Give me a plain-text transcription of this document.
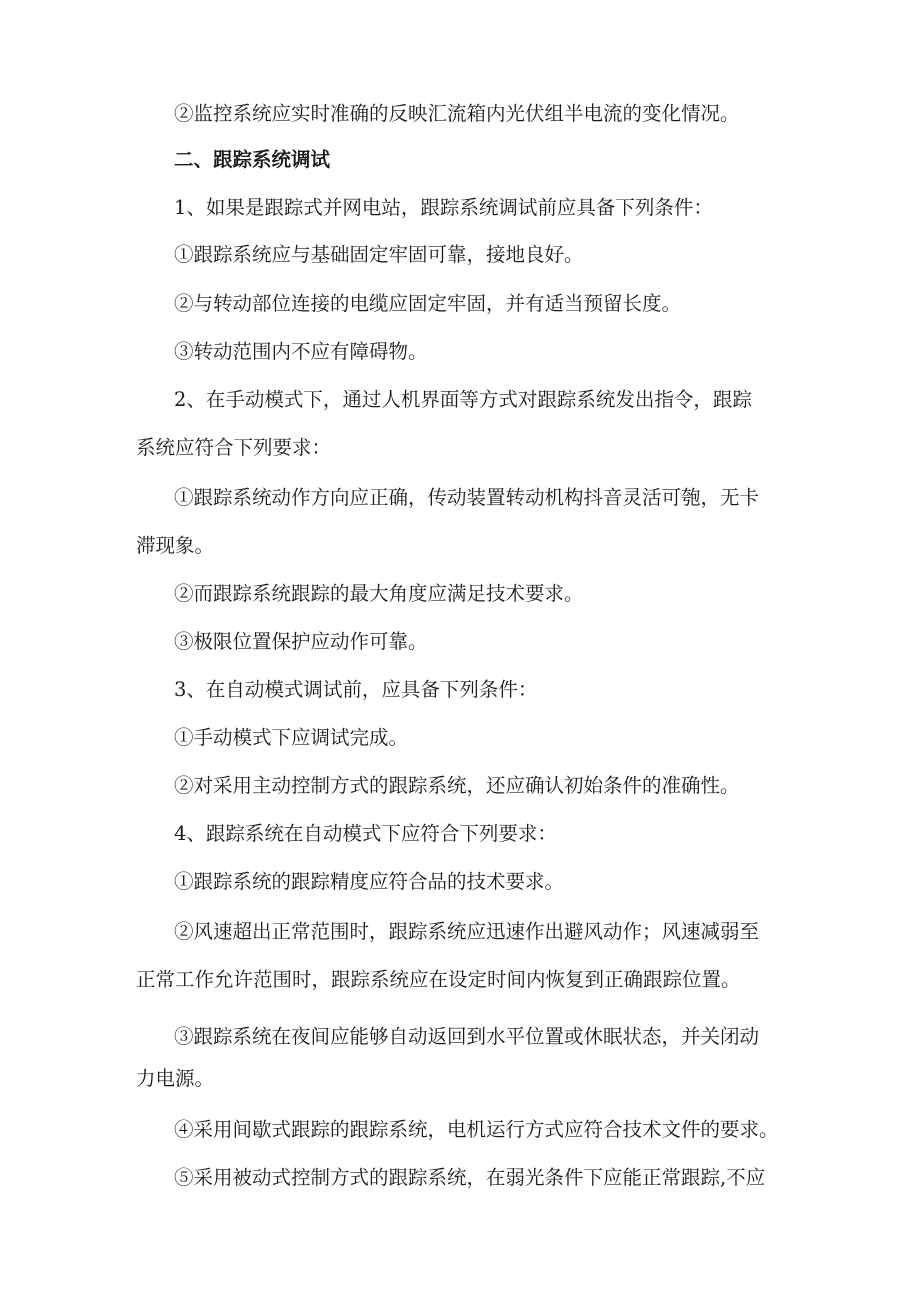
②监控系统应实时准确的反映汇流箱内光伏组半电流的变化情况。

二、跟踪系统调试

1、如果是跟踪式并网电站，跟踪系统调试前应具备下列条件：

①跟踪系统应与基础固定牢固可靠，接地良好。

②与转动部位连接的电缆应固定牢固，并有适当预留长度。

③转动范围内不应有障碍物。

2、在手动模式下，通过人机界面等方式对跟踪系统发出指令，跟踪
系统应符合下列要求：

①跟踪系统动作方向应正确，传动装置转动机构抖音灵活可匏，无卡
滞现象。

②而跟踪系统跟踪的最大角度应满足技术要求。

③极限位置保护应动作可靠。

3、在自动模式调试前，应具备下列条件：

①手动模式下应调试完成。

②对采用主动控制方式的跟踪系统，还应确认初始条件的准确性。

4、跟踪系统在自动模式下应符合下列要求：

①跟踪系统的跟踪精度应符合品的技术要求。

②风速超出正常范围时，跟踪系统应迅速作出避风动作；风速减弱至
正常工作允许范围时，跟踪系统应在设定时间内恢复到正确跟踪位置。

③跟踪系统在夜间应能够自动返回到水平位置或休眠状态，并关闭动
力电源。

④采用间歇式跟踪的跟踪系统，电机运行方式应符合技术文件的要求。

⑤采用被动式控制方式的跟踪系统，在弱光条件下应能正常跟踪,不应
